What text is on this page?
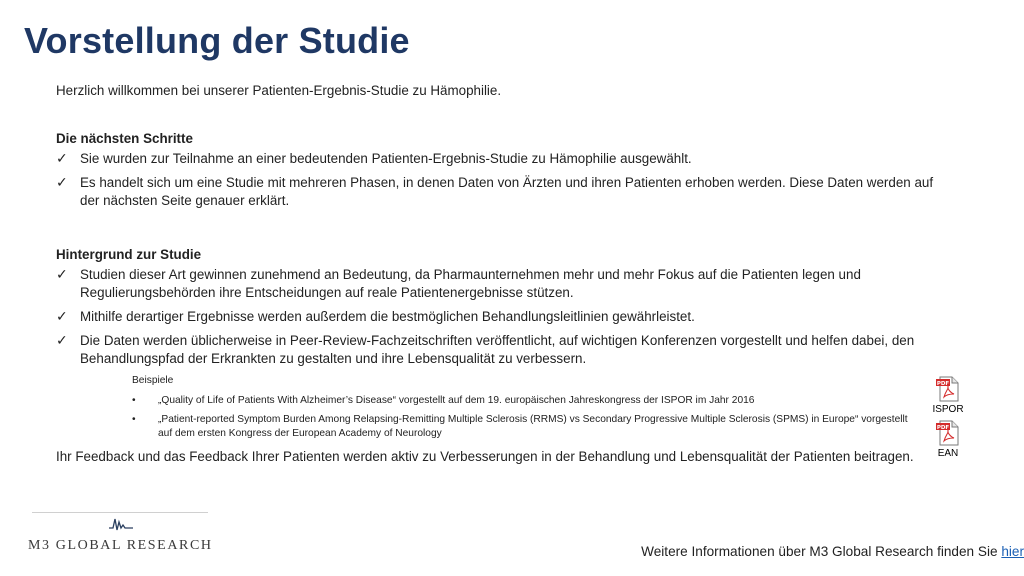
Vorstellung der Studie

Herzlich willkommen bei unserer Patienten-Ergebnis-Studie zu Hämophilie.

Die nächsten Schritte

✓ Sie wurden zur Teilnahme an einer bedeutenden Patienten-Ergebnis-Studie zu Hämophilie ausgewählt.
✓ Es handelt sich um eine Studie mit mehreren Phasen, in denen Daten von Ärzten und ihren Patienten erhoben werden. Diese Daten werden auf der nächsten Seite genauer erklärt.

Hintergrund zur Studie

✓ Studien dieser Art gewinnen zunehmend an Bedeutung, da Pharmaunternehmen mehr und mehr Fokus auf die Patienten legen und Regulierungsbehörden ihre Entscheidungen auf reale Patientenergebnisse stützen.
✓ Mithilfe derartiger Ergebnisse werden außerdem die bestmöglichen Behandlungsleitlinien gewährleistet.
✓ Die Daten werden üblicherweise in Peer-Review-Fachzeitschriften veröffentlicht, auf wichtigen Konferenzen vorgestellt und helfen dabei, den Behandlungspfad der Erkrankten zu gestalten und ihre Lebensqualität zu verbessern.

Beispiele

• „Quality of Life of Patients With Alzheimer’s Disease“ vorgestellt auf dem 19. europäischen Jahreskongress der ISPOR im Jahr 2016
• „Patient-reported Symptom Burden Among Relapsing-Remitting Multiple Sclerosis (RRMS) vs Secondary Progressive Multiple Sclerosis (SPMS) in Europe“ vorgestellt auf dem ersten Kongress der European Academy of Neurology

Ihr Feedback und das Feedback Ihrer Patienten werden aktiv zu Verbesserungen in der Behandlung und Lebensqualität der Patienten beitragen.

PDF
ISPOR
PDF
EAN
M3 GLOBAL RESEARCH	Weitere Informationen über M3 Global Research finden Sie hier
